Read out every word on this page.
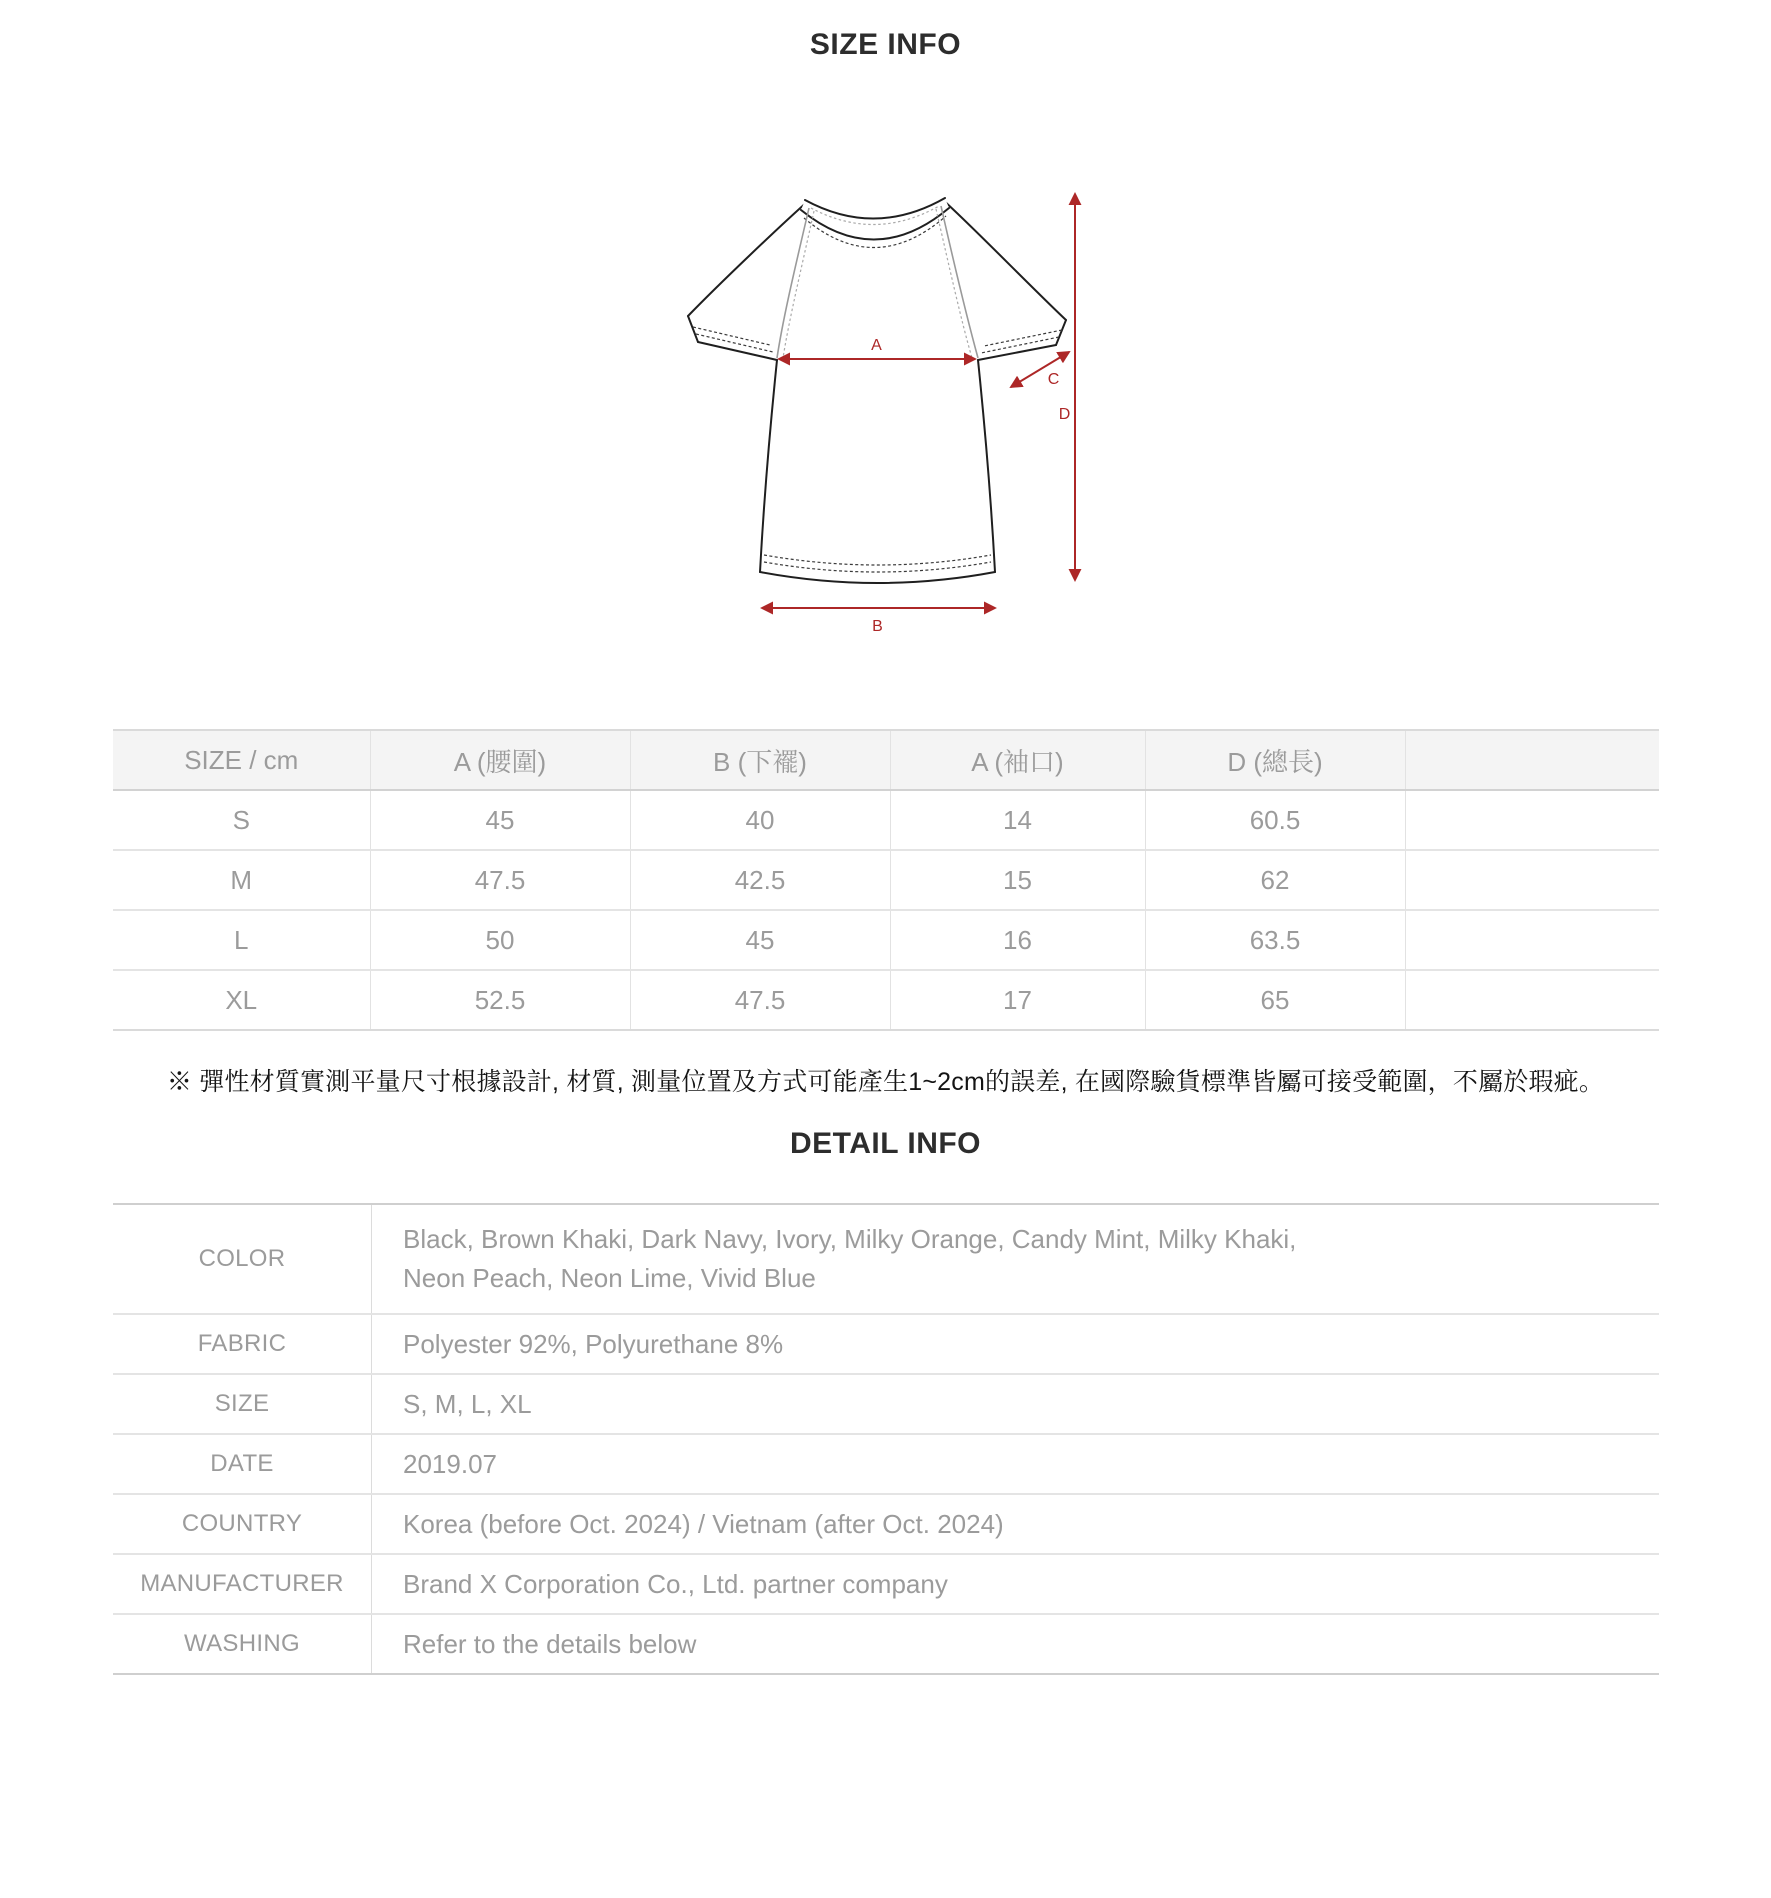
SIZE INFO
A
B
C
D
SIZE / cm	A (腰圍)	B (下襬)	A (袖口)	D (總長)	
S	45	40	14	60.5	
M	47.5	42.5	15	62	
L	50	45	16	63.5	
XL	52.5	47.5	17	65	
※ 彈性材質實測平量尺寸根據設計, 材質, 測量位置及方式可能產生1~2cm的誤差, 在國際驗貨標準皆屬可接受範圍，不屬於瑕疵。
DETAIL INFO
COLOR	Black, Brown Khaki, Dark Navy, Ivory, Milky Orange, Candy Mint, Milky Khaki, Neon Peach, Neon Lime, Vivid Blue

FABRIC	Polyester 92%, Polyurethane 8%

SIZE	S, M, L, XL

DATE	2019.07

COUNTRY	Korea (before Oct. 2024) / Vietnam (after Oct. 2024)

MANUFACTURER	Brand X Corporation Co., Ltd. partner company

WASHING	Refer to the details below
